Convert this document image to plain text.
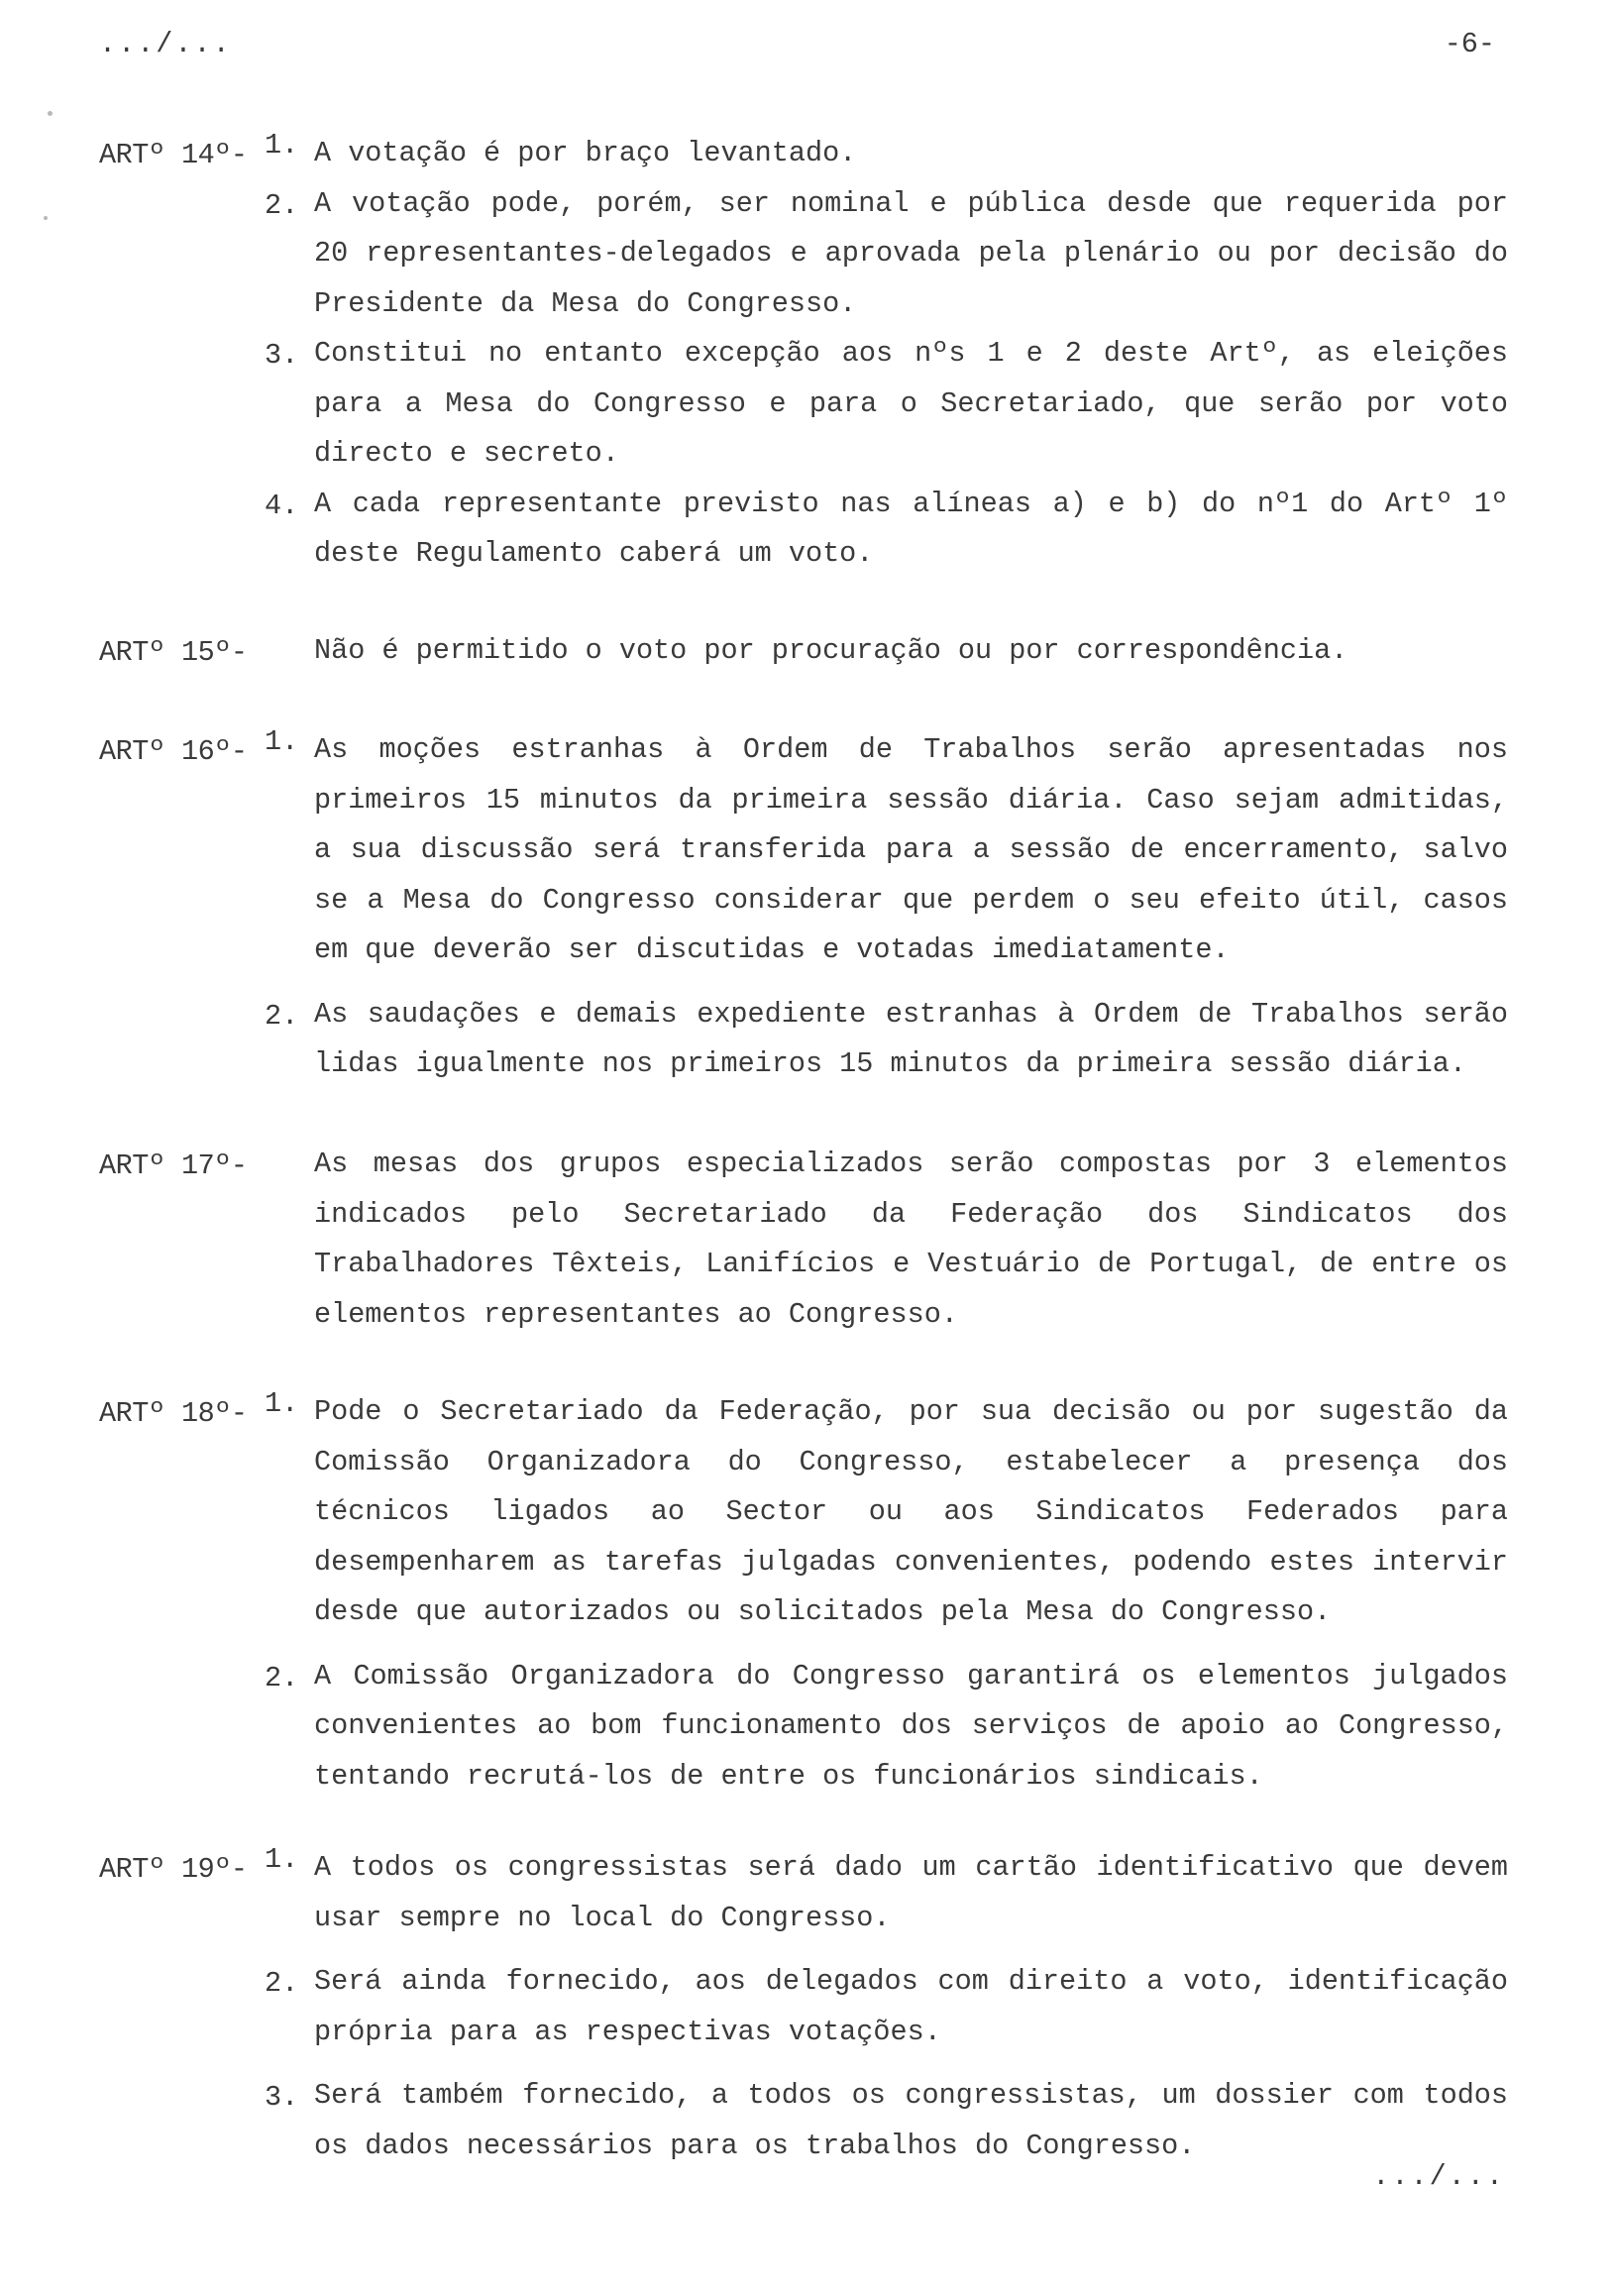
.../...	-6-
ARTº 14º- 1. A votação é por braço levantado.
2. A votação pode, porém, ser nominal e pública desde que requerida por 20 representantes-delegados e aprovada pela plenário ou por decisão do Presidente da Mesa do Congresso.
3. Constitui no entanto excepção aos nºs 1 e 2 deste Artº, as eleições para a Mesa do Congresso e para o Secretariado, que serão por voto directo e secreto.
4. A cada representante previsto nas alíneas a) e b) do nº1 do Artº 1º deste Regulamento caberá um voto.
ARTº 15º- Não é permitido o voto por procuração ou por correspondência.
ARTº 16º- 1. As moções estranhas à Ordem de Trabalhos serão apresentadas nos primeiros 15 minutos da primeira sessão diária. Caso sejam admitidas, a sua discussão será transferida para a sessão de encerramento, salvo se a Mesa do Congresso considerar que perdem o seu efeito útil, casos em que deverão ser discutidas e votadas imediatamente.
2. As saudações e demais expediente estranhas à Ordem de Trabalhos serão lidas igualmente nos primeiros 15 minutos da primeira sessão diária.
ARTº 17º- As mesas dos grupos especializados serão compostas por 3 elementos indicados pelo Secretariado da Federação dos Sindicatos dos Trabalhadores Têxteis, Lanifícios e Vestuário de Portugal, de entre os elementos representantes ao Congresso.
ARTº 18º- 1. Pode o Secretariado da Federação, por sua decisão ou por sugestão da Comissão Organizadora do Congresso, estabelecer a presença dos técnicos ligados ao Sector ou aos Sindicatos Federados para desempenharem as tarefas julgadas convenientes, podendo estes intervir desde que autorizados ou solicitados pela Mesa do Congresso.
2. A Comissão Organizadora do Congresso garantirá os elementos julgados convenientes ao bom funcionamento dos serviços de apoio ao Congresso, tentando recrutá-los de entre os funcionários sindicais.
ARTº 19º- 1. A todos os congressistas será dado um cartão identificativo que devem usar sempre no local do Congresso.
2. Será ainda fornecido, aos delegados com direito a voto, identificação própria para as respectivas votações.
3. Será também fornecido, a todos os congressistas, um dossier com todos os dados necessários para os trabalhos do Congresso.
.../...
